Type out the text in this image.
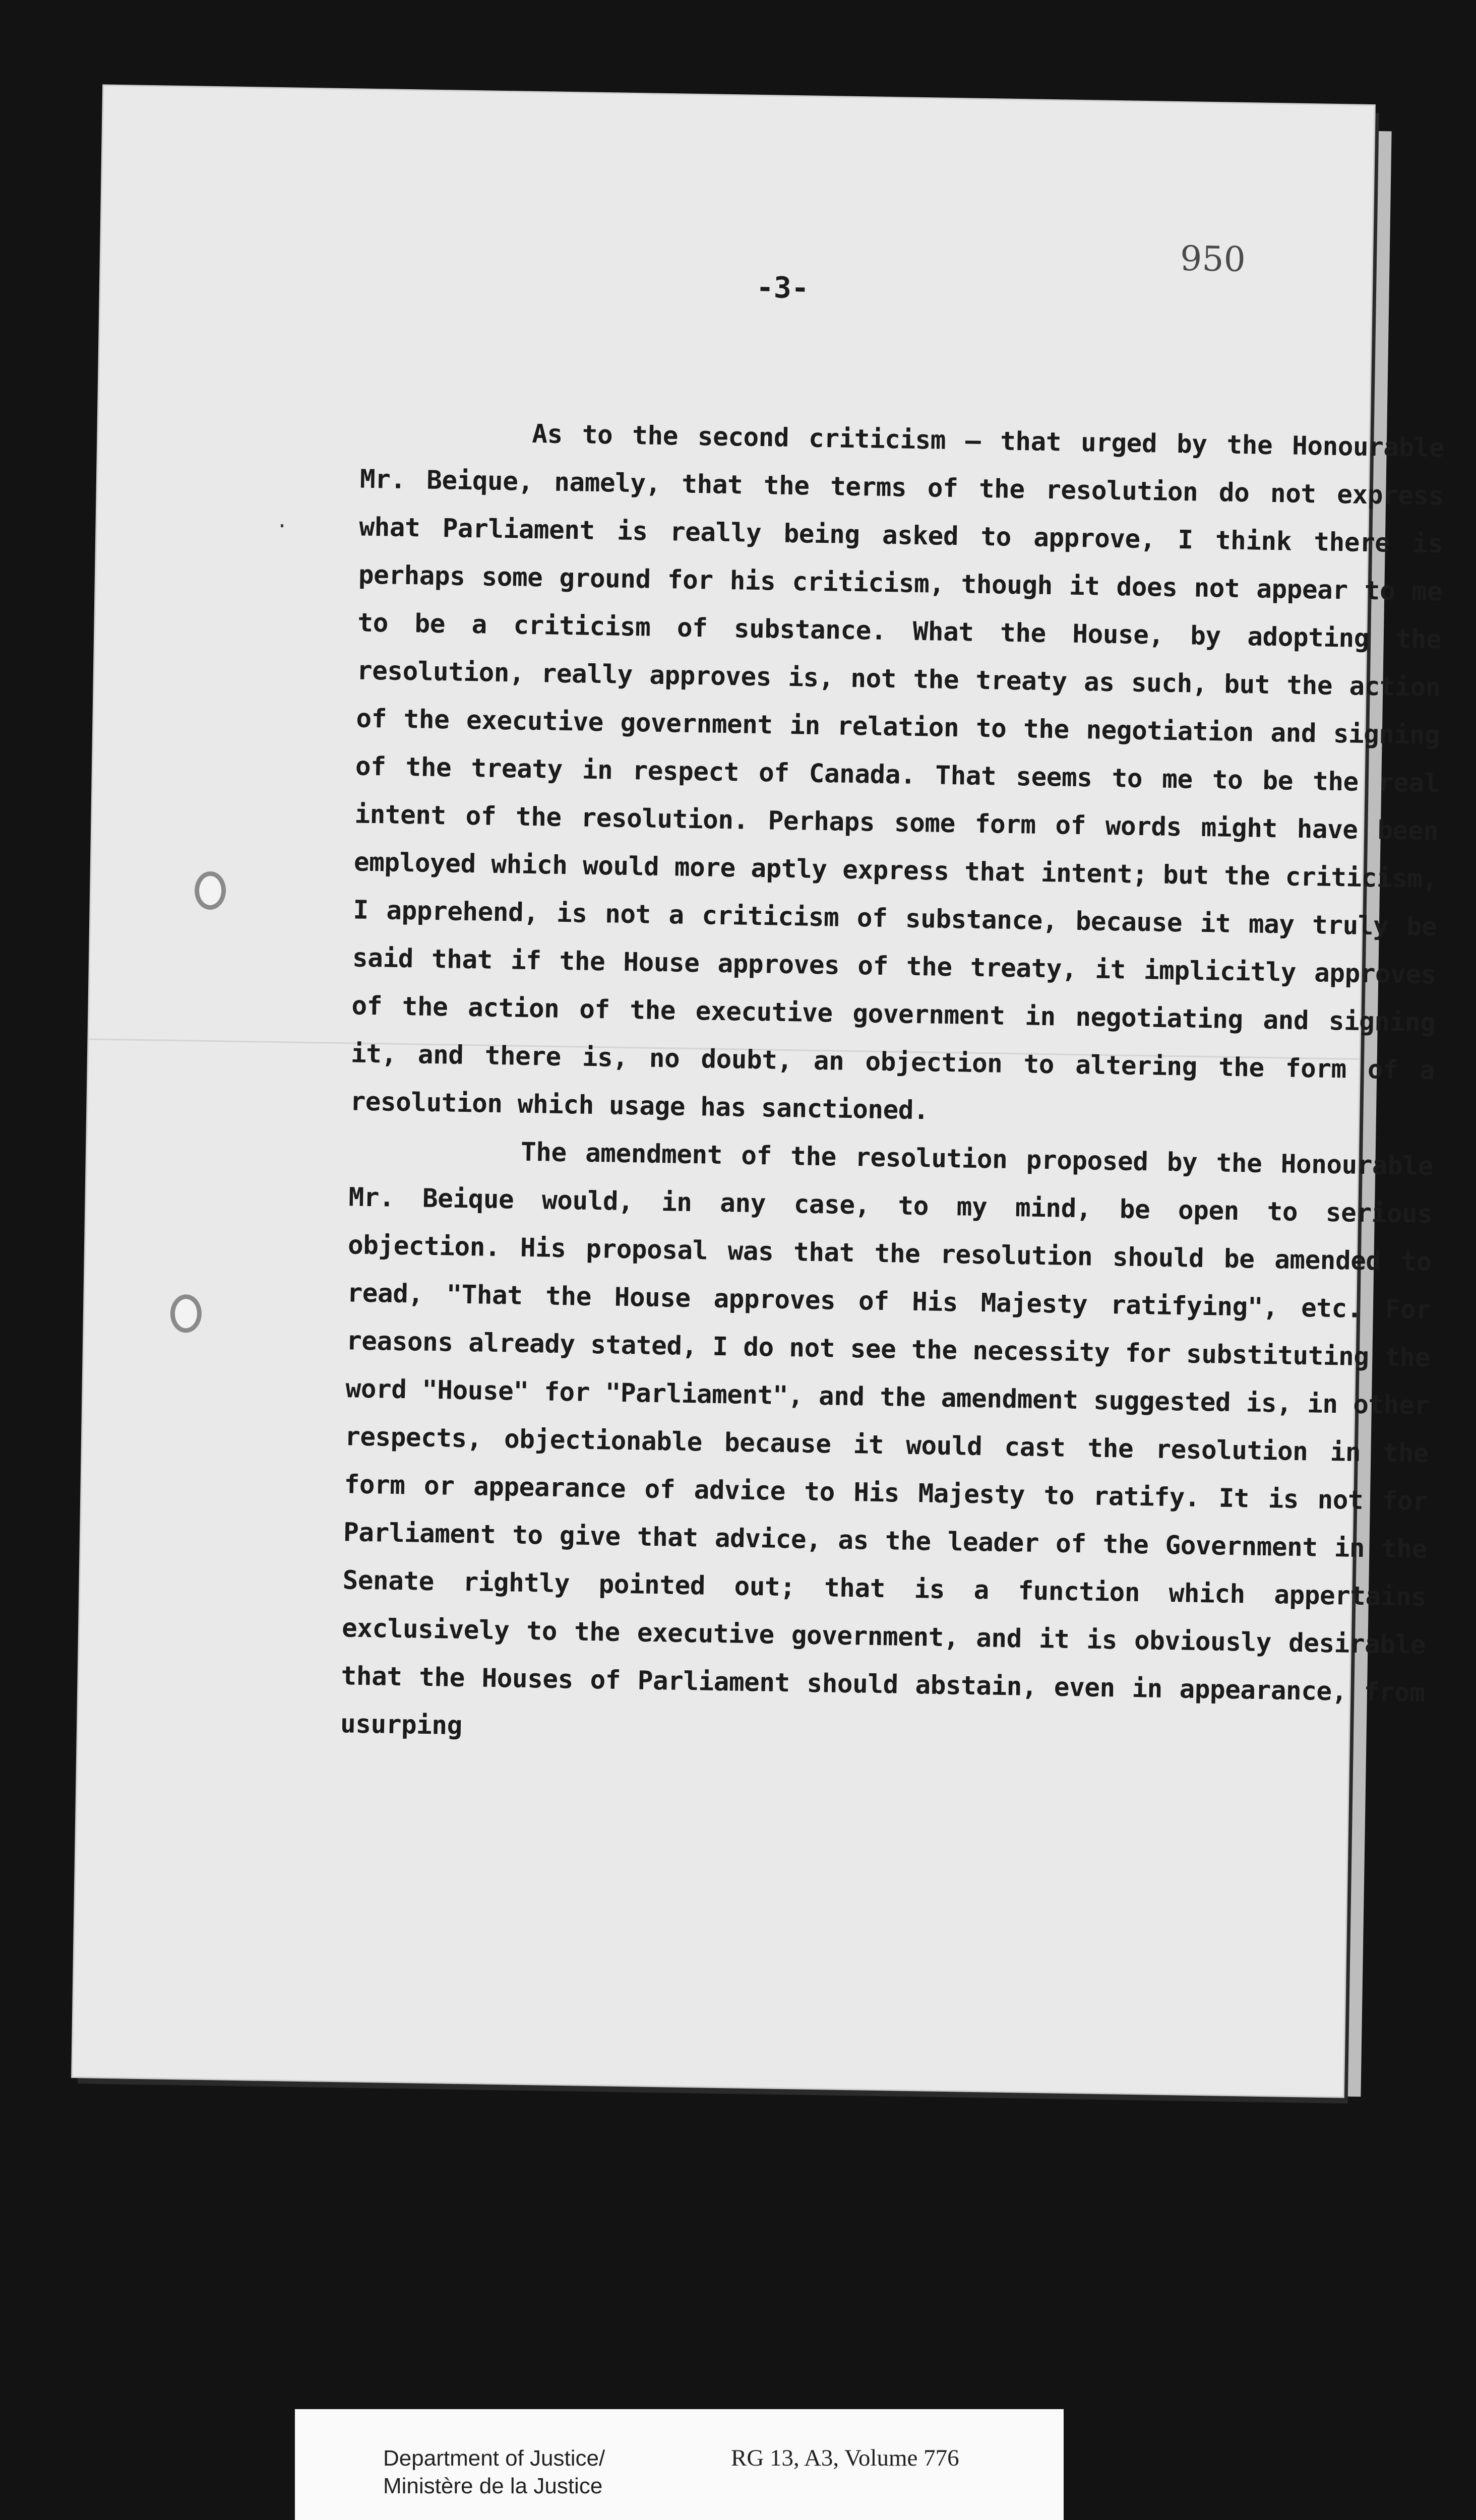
950
-3-
·

As to the second criticism — that urged by the Honourable Mr. Beique, namely, that the terms of the resolution do not express what Parliament is really being asked to approve, I think there is perhaps some ground for his criticism, though it does not appear to me to be a criticism of substance. What the House, by adopting the resolution, really approves is, not the treaty as such, but the action of the executive government in relation to the negotiation and signing of the treaty in respect of Canada. That seems to me to be the real intent of the resolution. Perhaps some form of words might have been employed which would more aptly express that intent; but the criticism, I apprehend, is not a criticism of substance, because it may truly be said that if the House approves of the treaty, it implicitly approves of the action of the executive government in negotiating and signing it, and there is, no doubt, an objection to altering the form of a resolution which usage has sanctioned.

The amendment of the resolution proposed by the Honourable Mr. Beique would, in any case, to my mind, be open to serious objection. His proposal was that the resolution should be amended to read, "That the House approves of His Majesty ratifying", etc. For reasons already stated, I do not see the necessity for substituting the word "House" for "Parliament", and the amendment suggested is, in other respects, objectionable because it would cast the resolution in the form or appearance of advice to His Majesty to ratify. It is not for Parliament to give that advice, as the leader of the Government in the Senate rightly pointed out; that is a function which appertains exclusively to the executive government, and it is obviously desirable that the Houses of Parliament should abstain, even in appearance, from usurping

Department of Justice/
Ministère de la Justice
RG 13, A3, Volume 776
